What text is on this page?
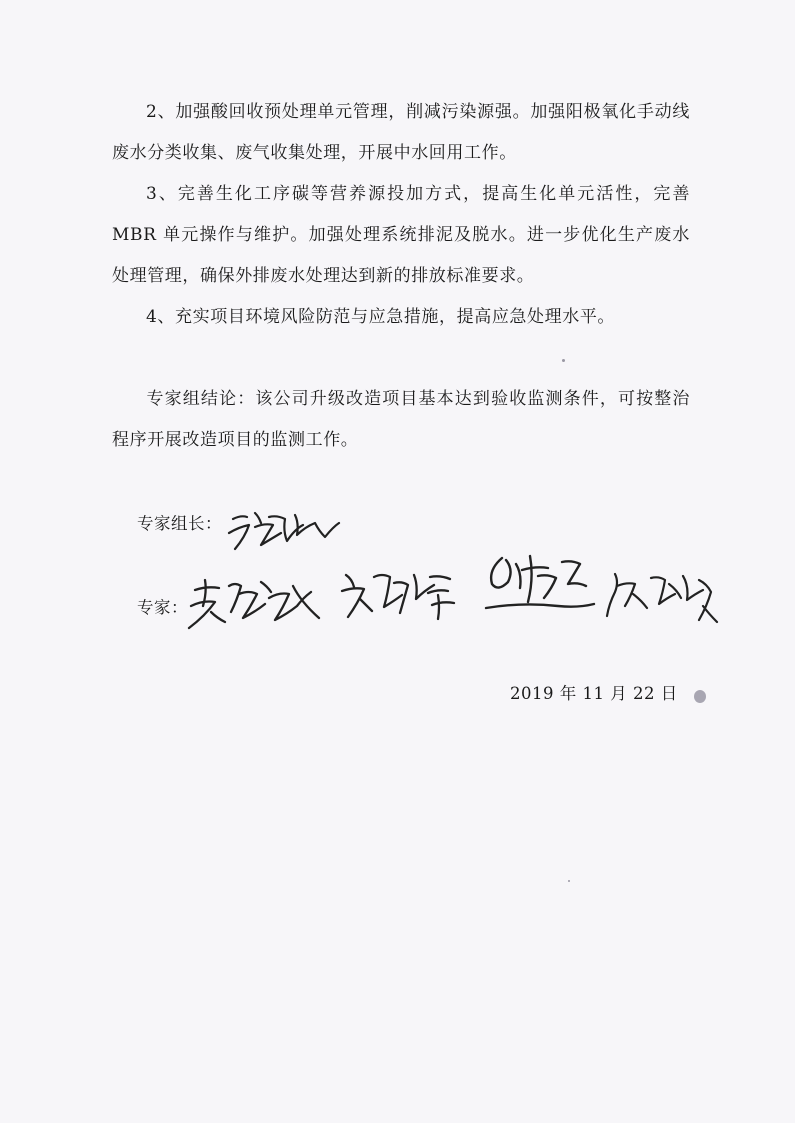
2、加强酸回收预处理单元管理，削减污染源强。加强阳极氧化手动线废水分类收集、废气收集处理，开展中水回用工作。

3、完善生化工序碳等营养源投加方式，提高生化单元活性，完善MBR 单元操作与维护。加强处理系统排泥及脱水。进一步优化生产废水处理管理，确保外排废水处理达到新的排放标准要求。

4、充实项目环境风险防范与应急措施，提高应急处理水平。

专家组结论：该公司升级改造项目基本达到验收监测条件，可按整治程序开展改造项目的监测工作。

专家组长：
专家：
2019 年 11 月 22 日
